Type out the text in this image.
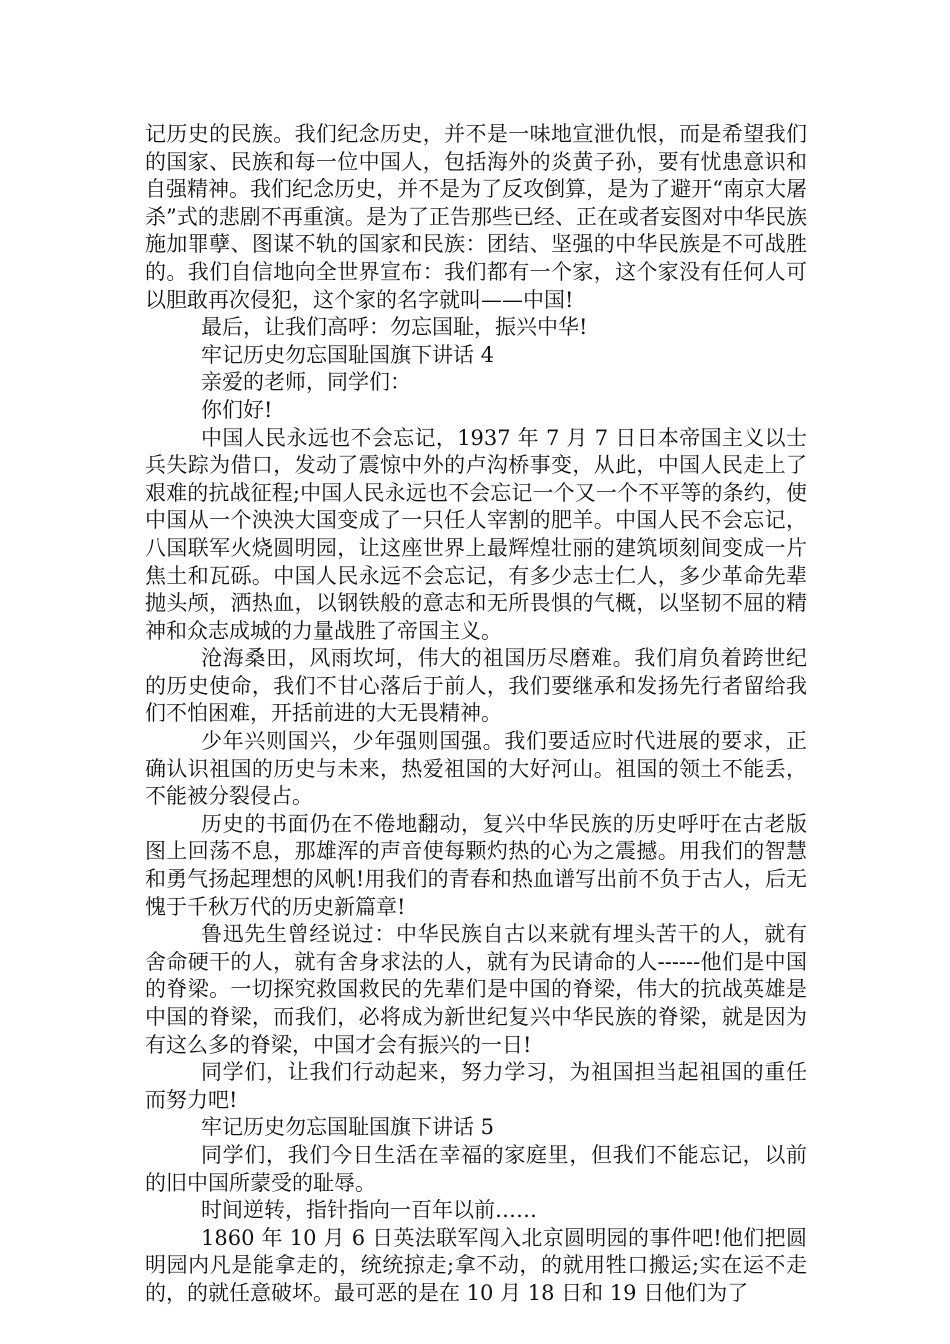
记历史的民族。我们纪念历史，并不是一味地宣泄仇恨，而是希望我们的国家、民族和每一位中国人，包括海外的炎黄子孙，要有忧患意识和自强精神。我们纪念历史，并不是为了反攻倒算，是为了避开“南京大屠杀”式的悲剧不再重演。是为了正告那些已经、正在或者妄图对中华民族施加罪孽、图谋不轨的国家和民族：团结、坚强的中华民族是不可战胜的。我们自信地向全世界宣布：我们都有一个家，这个家没有任何人可以胆敢再次侵犯，这个家的名字就叫——中国!

最后，让我们高呼：勿忘国耻，振兴中华!

牢记历史勿忘国耻国旗下讲话 4

亲爱的老师，同学们：

你们好!

中国人民永远也不会忘记，1937 年 7 月 7 日日本帝国主义以士兵失踪为借口，发动了震惊中外的卢沟桥事变，从此，中国人民走上了艰难的抗战征程;中国人民永远也不会忘记一个又一个不平等的条约，使中国从一个泱泱大国变成了一只任人宰割的肥羊。中国人民不会忘记，八国联军火烧圆明园，让这座世界上最辉煌壮丽的建筑顷刻间变成一片焦土和瓦砾。中国人民永远不会忘记，有多少志士仁人，多少革命先辈抛头颅，洒热血，以钢铁般的意志和无所畏惧的气概，以坚韧不屈的精神和众志成城的力量战胜了帝国主义。

沧海桑田，风雨坎坷，伟大的祖国历尽磨难。我们肩负着跨世纪的历史使命，我们不甘心落后于前人，我们要继承和发扬先行者留给我们不怕困难，开括前进的大无畏精神。

少年兴则国兴，少年强则国强。我们要适应时代进展的要求，正确认识祖国的历史与未来，热爱祖国的大好河山。祖国的领土不能丢，不能被分裂侵占。

历史的书面仍在不倦地翻动，复兴中华民族的历史呼吁在古老版图上回荡不息，那雄浑的声音使每颗灼热的心为之震撼。用我们的智慧和勇气扬起理想的风帆!用我们的青春和热血谱写出前不负于古人，后无愧于千秋万代的历史新篇章!

鲁迅先生曾经说过：中华民族自古以来就有埋头苦干的人，就有舍命硬干的人，就有舍身求法的人，就有为民请命的人------他们是中国的脊梁。一切探究救国救民的先辈们是中国的脊梁，伟大的抗战英雄是中国的脊梁，而我们，必将成为新世纪复兴中华民族的脊梁，就是因为有这么多的脊梁，中国才会有振兴的一日!

同学们，让我们行动起来，努力学习，为祖国担当起祖国的重任而努力吧!

牢记历史勿忘国耻国旗下讲话 5

同学们，我们今日生活在幸福的家庭里，但我们不能忘记，以前的旧中国所蒙受的耻辱。

时间逆转，指针指向一百年以前……

1860 年 10 月 6 日英法联军闯入北京圆明园的事件吧!他们把圆明园内凡是能拿走的，统统掠走;拿不动，的就用牲口搬运;实在运不走的，的就任意破坏。最可恶的是在 10 月 18 日和 19 日他们为了
